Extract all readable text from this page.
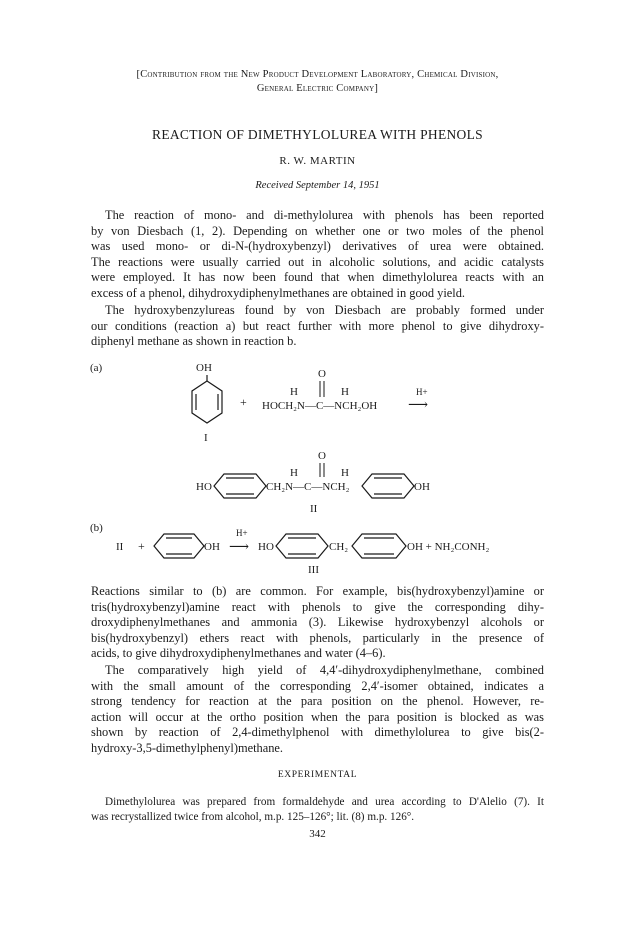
[Contribution from the New Product Development Laboratory, Chemical Division,
General Electric Company]
REACTION OF DIMETHYLOLUREA WITH PHENOLS
R. W. MARTIN
Received September 14, 1951
The reaction of mono- and di-methylolurea with phenols has been reported
by von Diesbach (1, 2). Depending on whether one or two moles of the phenol
was used mono- or di-N-(hydroxybenzyl) derivatives of urea were obtained.
The reactions were usually carried out in alcoholic solutions, and acidic catalysts
were employed. It has now been found that when dimethylolurea reacts with an
excess of a phenol, dihydroxydiphenylmethanes are obtained in good yield.
The hydroxybenzylureas found by von Diesbach are probably formed under
our conditions (reaction a) but react further with more phenol to give dihydroxy-
diphenyl methane as shown in reaction b.
(a)	OH
I
+
O
H	H
HOCH₂N—C—NCH₂OH
H+
⟶
O
H	H
HO	CH₂N—C—NCH₂	OH
II
(b)
II +	OH
H+
⟶ HO	CH₂	OH + NH₂CONH₂
III
Reactions similar to (b) are common. For example, bis(hydroxybenzyl)amine or
tris(hydroxybenzyl)amine react with phenols to give the corresponding dihy-
droxydiphenylmethanes and ammonia (3). Likewise hydroxybenzyl alcohols or
bis(hydroxybenzyl) ethers react with phenols, particularly in the presence of
acids, to give dihydroxydiphenylmethanes and water (4–6).
The comparatively high yield of 4,4′-dihydroxydiphenylmethane, combined
with the small amount of the corresponding 2,4′-isomer obtained, indicates a
strong tendency for reaction at the para position on the phenol. However, re-
action will occur at the ortho position when the para position is blocked as was
shown by reaction of 2,4-dimethylphenol with dimethylolurea to give bis(2-
hydroxy-3,5-dimethylphenyl)methane.
EXPERIMENTAL
Dimethylolurea was prepared from formaldehyde and urea according to D'Alelio (7). It
was recrystallized twice from alcohol, m.p. 125–126°; lit. (8) m.p. 126°.
342
